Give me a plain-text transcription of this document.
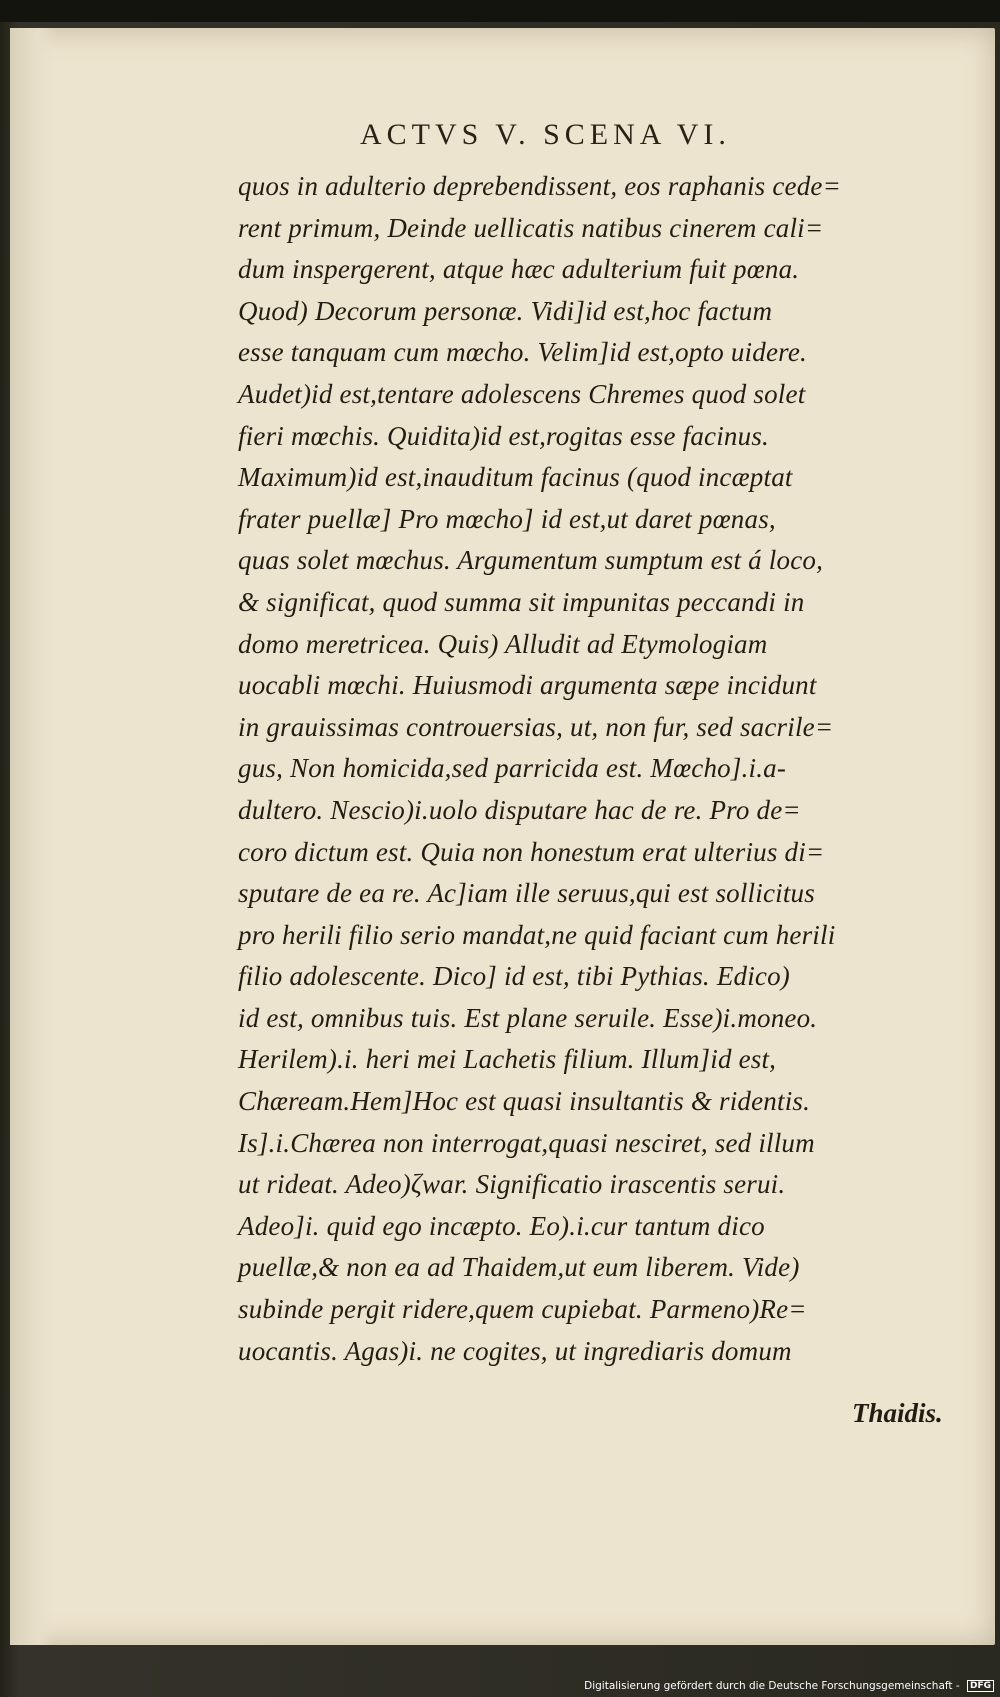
ACTVS V. SCENA VI.
quos in adulterio deprebendissent, eos raphanis cede=
rent primum, Deinde uellicatis natibus cinerem cali=
dum inspergerent, atque hæc adulterium fuit pœna.
Quod) Decorum personæ. Vidi]id est,hoc factum
esse tanquam cum mœcho. Velim]id est,opto uidere.
Audet)id est,tentare adolescens Chremes quod solet
fieri mœchis. Quidita)id est,rogitas esse facinus.
Maximum)id est,inauditum facinus (quod incæptat
frater puellæ] Pro mœcho] id est,ut daret pœnas,
quas solet mœchus. Argumentum sumptum est á loco,
& significat, quod summa sit impunitas peccandi in
domo meretricea. Quis) Alludit ad Etymologiam
uocabli mœchi. Huiusmodi argumenta sæpe incidunt
in grauissimas controuersias, ut, non fur, sed sacrile=
gus, Non homicida,sed parricida est. Mœcho].i.a-
dultero. Nescio)i.uolo disputare hac de re. Pro de=
coro dictum est. Quia non honestum erat ulterius di=
sputare de ea re. Ac]iam ille seruus,qui est sollicitus
pro herili filio serio mandat,ne quid faciant cum herili
filio adolescente. Dico] id est, tibi Pythias. Edico)
id est, omnibus tuis. Est plane seruile. Esse)i.moneo.
Herilem).i. heri mei Lachetis filium. Illum]id est,
Chæream.Hem]Hoc est quasi insultantis & ridentis.
Is].i.Chærea non interrogat,quasi nesciret, sed illum
ut rideat. Adeo)ζwar. Significatio irascentis serui.
Adeo]i. quid ego incæpto. Eo).i.cur tantum dico
puellæ,& non ea ad Thaidem,ut eum liberem. Vide)
subinde pergit ridere,quem cupiebat. Parmeno)Re=
uocantis. Agas)i. ne cogites, ut ingrediaris domum
Thaidis.
Digitalisierung gefördert durch die Deutsche Forschungsgemeinschaft - DFG
